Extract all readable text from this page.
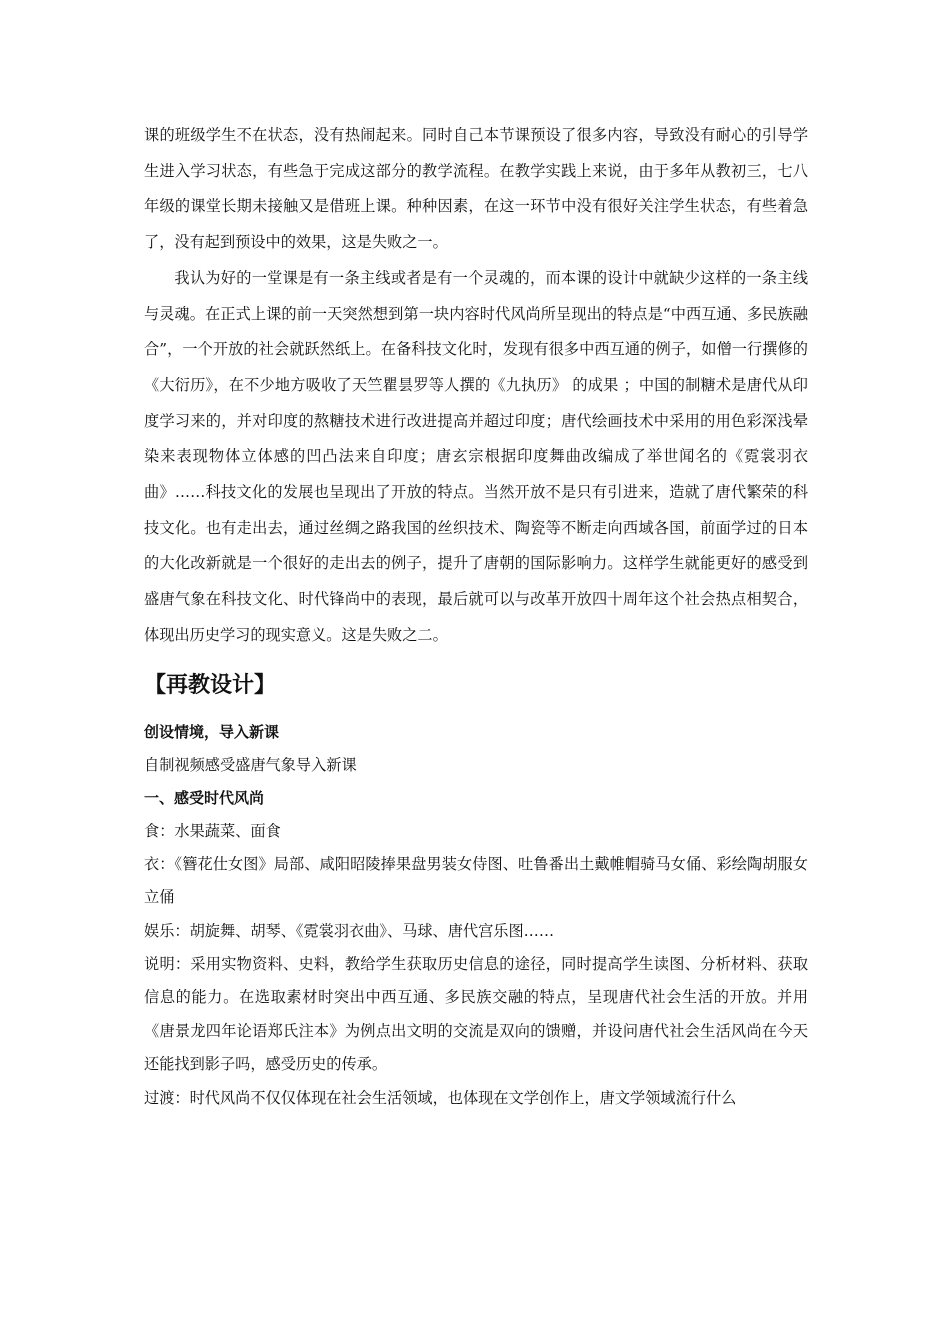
课的班级学生不在状态，没有热闹起来。同时自己本节课预设了很多内容，导致没有耐心的引导学生进入学习状态，有些急于完成这部分的教学流程。在教学实践上来说，由于多年从教初三，七八年级的课堂长期未接触又是借班上课。种种因素，在这一环节中没有很好关注学生状态，有些着急了，没有起到预设中的效果，这是失败之一。

我认为好的一堂课是有一条主线或者是有一个灵魂的，而本课的设计中就缺少这样的一条主线与灵魂。在正式上课的前一天突然想到第一块内容时代风尚所呈现出的特点是“中西互通、多民族融合”，一个开放的社会就跃然纸上。在备科技文化时，发现有很多中西互通的例子，如僧一行撰修的 《大衍历》，在不少地方吸收了天竺瞿昙罗等人撰的《九执历》 的成果 ；中国的制糖术是唐代从印度学习来的，并对印度的熬糖技术进行改进提高并超过印度；唐代绘画技术中采用的用色彩深浅晕染来表现物体立体感的凹凸法来自印度；唐玄宗根据印度舞曲改编成了举世闻名的《霓裳羽衣曲》……科技文化的发展也呈现出了开放的特点。当然开放不是只有引进来，造就了唐代繁荣的科技文化。也有走出去，通过丝绸之路我国的丝织技术、陶瓷等不断走向西域各国，前面学过的日本的大化改新就是一个很好的走出去的例子，提升了唐朝的国际影响力。这样学生就能更好的感受到盛唐气象在科技文化、时代锋尚中的表现，最后就可以与改革开放四十周年这个社会热点相契合，体现出历史学习的现实意义。这是失败之二。

【再教设计】

创设情境，导入新课

自制视频感受盛唐气象导入新课

一、感受时代风尚

食：水果蔬菜、面食

衣：《簪花仕女图》局部、咸阳昭陵捧果盘男装女侍图、吐鲁番出土戴帷帽骑马女俑、彩绘陶胡服女立俑

娱乐：胡旋舞、胡琴、《霓裳羽衣曲》、马球、唐代宫乐图……

说明：采用实物资料、史料，教给学生获取历史信息的途径，同时提高学生读图、分析材料、获取信息的能力。在选取素材时突出中西互通、多民族交融的特点，呈现唐代社会生活的开放。并用《唐景龙四年论语郑氏注本》为例点出文明的交流是双向的馈赠，并设问唐代社会生活风尚在今天还能找到影子吗，感受历史的传承。

过渡：时代风尚不仅仅体现在社会生活领域，也体现在文学创作上，唐文学领域流行什么
